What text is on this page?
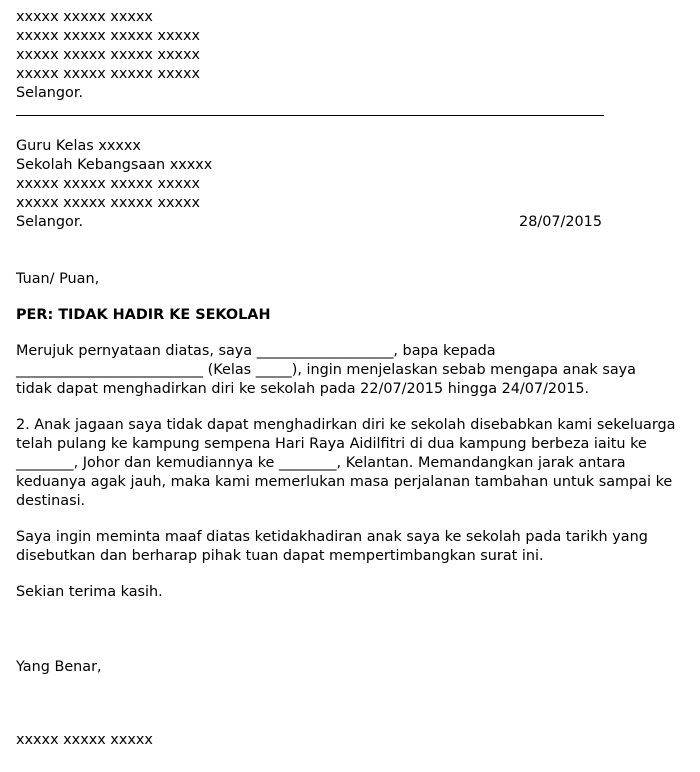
xxxxx xxxxx xxxxx
xxxxx xxxxx xxxxx xxxxx
xxxxx xxxxx xxxxx xxxxx
xxxxx xxxxx xxxxx xxxxx
Selangor.
Guru Kelas xxxxx
Sekolah Kebangsaan xxxxx
xxxxx xxxxx xxxxx xxxxx
xxxxx xxxxx xxxxx xxxxx
Selangor.	28/07/2015
Tuan/ Puan,
PER: TIDAK HADIR KE SEKOLAH
Merujuk pernyataan diatas, saya ___________________, bapa kepada
__________________________ (Kelas _____), ingin menjelaskan sebab mengapa anak saya
tidak dapat menghadirkan diri ke sekolah pada 22/07/2015 hingga 24/07/2015.
2. Anak jagaan saya tidak dapat menghadirkan diri ke sekolah disebabkan kami sekeluarga
telah pulang ke kampung sempena Hari Raya Aidilfitri di dua kampung berbeza iaitu ke
________, Johor dan kemudiannya ke ________, Kelantan. Memandangkan jarak antara
keduanya agak jauh, maka kami memerlukan masa perjalanan tambahan untuk sampai ke
destinasi.
Saya ingin meminta maaf diatas ketidakhadiran anak saya ke sekolah pada tarikh yang
disebutkan dan berharap pihak tuan dapat mempertimbangkan surat ini.
Sekian terima kasih.
Yang Benar,
xxxxx xxxxx xxxxx
